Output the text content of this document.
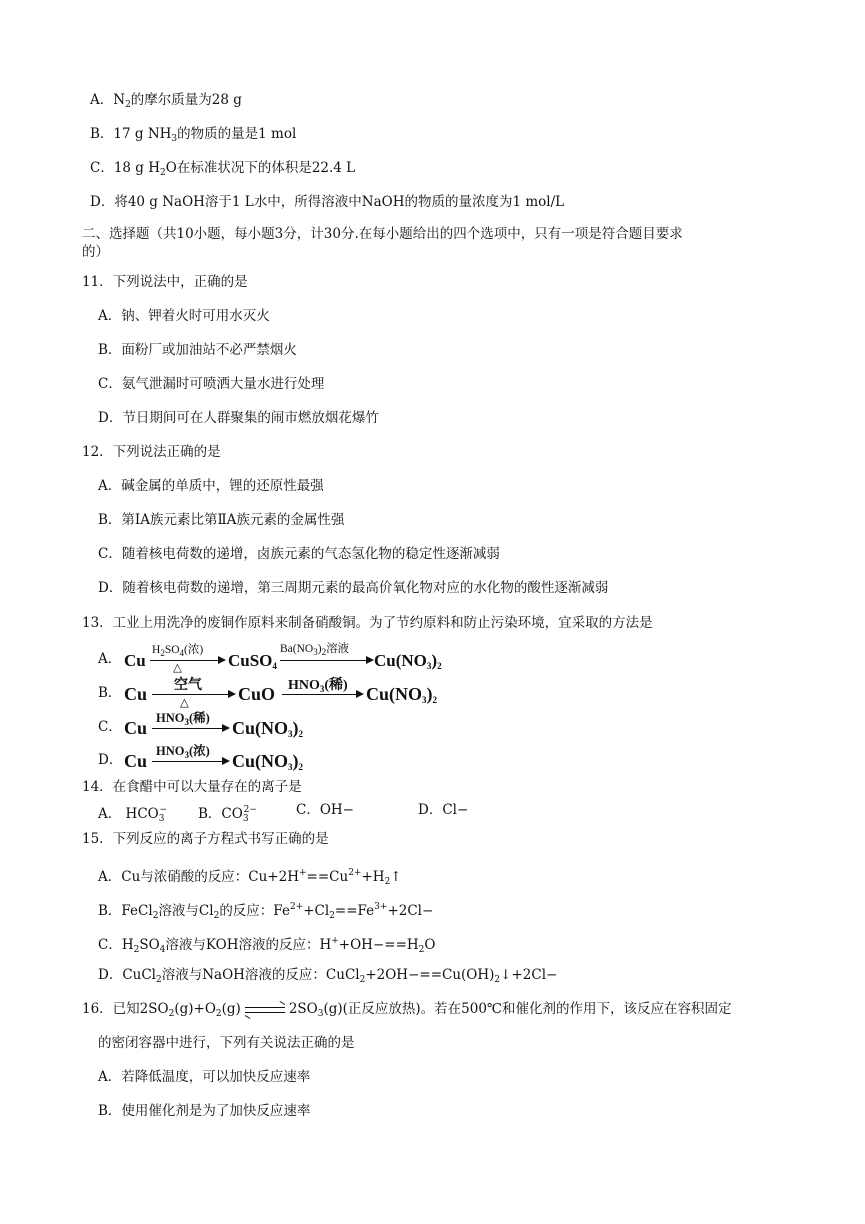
A．$N_2$的摩尔质量为28 g
B．17 g $NH_3$的物质的量是1 mol
C．18 g $H_2O$在标准状况下的体积是22.4 L
D．将40 g NaOH溶于1 L水中，所得溶液中NaOH的物质的量浓度为1 mol/L
二、选择题（共10小题，每小题3分，计30分.在每小题给出的四个选项中，只有一项是符合题目要求
的）
11．下列说法中，正确的是
A．钠、钾着火时可用水灭火
B．面粉厂或加油站不必严禁烟火
C．氨气泄漏时可喷洒大量水进行处理
D．节日期间可在人群聚集的闹市燃放烟花爆竹
12．下列说法正确的是
A．碱金属的单质中，锂的还原性最强
B．第ⅠA族元素比第ⅡA族元素的金属性强
C．随着核电荷数的递增，卤族元素的气态氢化物的稳定性逐渐减弱
D．随着核电荷数的递增，第三周期元素的最高价氧化物对应的水化物的酸性逐渐减弱
13．工业上用洗净的废铜作原料来制备硝酸铜。为了节约原料和防止污染环境，宜采取的方法是
A． Cu
$H_2SO_4$(浓)
△	CuSO$_4$
$Ba(NO_3)_2$溶液
$Cu(NO_3)_2$
B． Cu 空气
△	CuO $HNO_3$(稀) $Cu(NO_3)_2$
C． Cu $HNO_3$(稀) $Cu(NO_3)_2$
D． Cu $HNO_3$(浓) $Cu(NO_3)_2$
14．在食醋中可以大量存在的离子是
A． $HCO_3^-$ B．$CO_3^{2-}$	C．OH−	D．Cl−
15．下列反应的离子方程式书写正确的是
A．Cu与浓硝酸的反应：$Cu+2H^+==Cu^{2+}+H_2↑$
B．FeCl$_2$溶液与$Cl_2$的反应：$Fe^{2+}+Cl_2==Fe^{3+}+2Cl-$
C．$H_2SO_4$溶液与KOH溶液的反应：$H^++OH-==H_2O$
D．CuCl$_2$溶液与NaOH溶液的反应：$CuCl_2+2OH-==Cu(OH)_2↓+2Cl-$
16．已知$2SO_2(g)+O_2(g)$	$2SO_3(g)$(正反应放热)。若在500℃和催化剂的作用下，该反应在容积固定
的密闭容器中进行，下列有关说法正确的是
A．若降低温度，可以加快反应速率
B．使用催化剂是为了加快反应速率
